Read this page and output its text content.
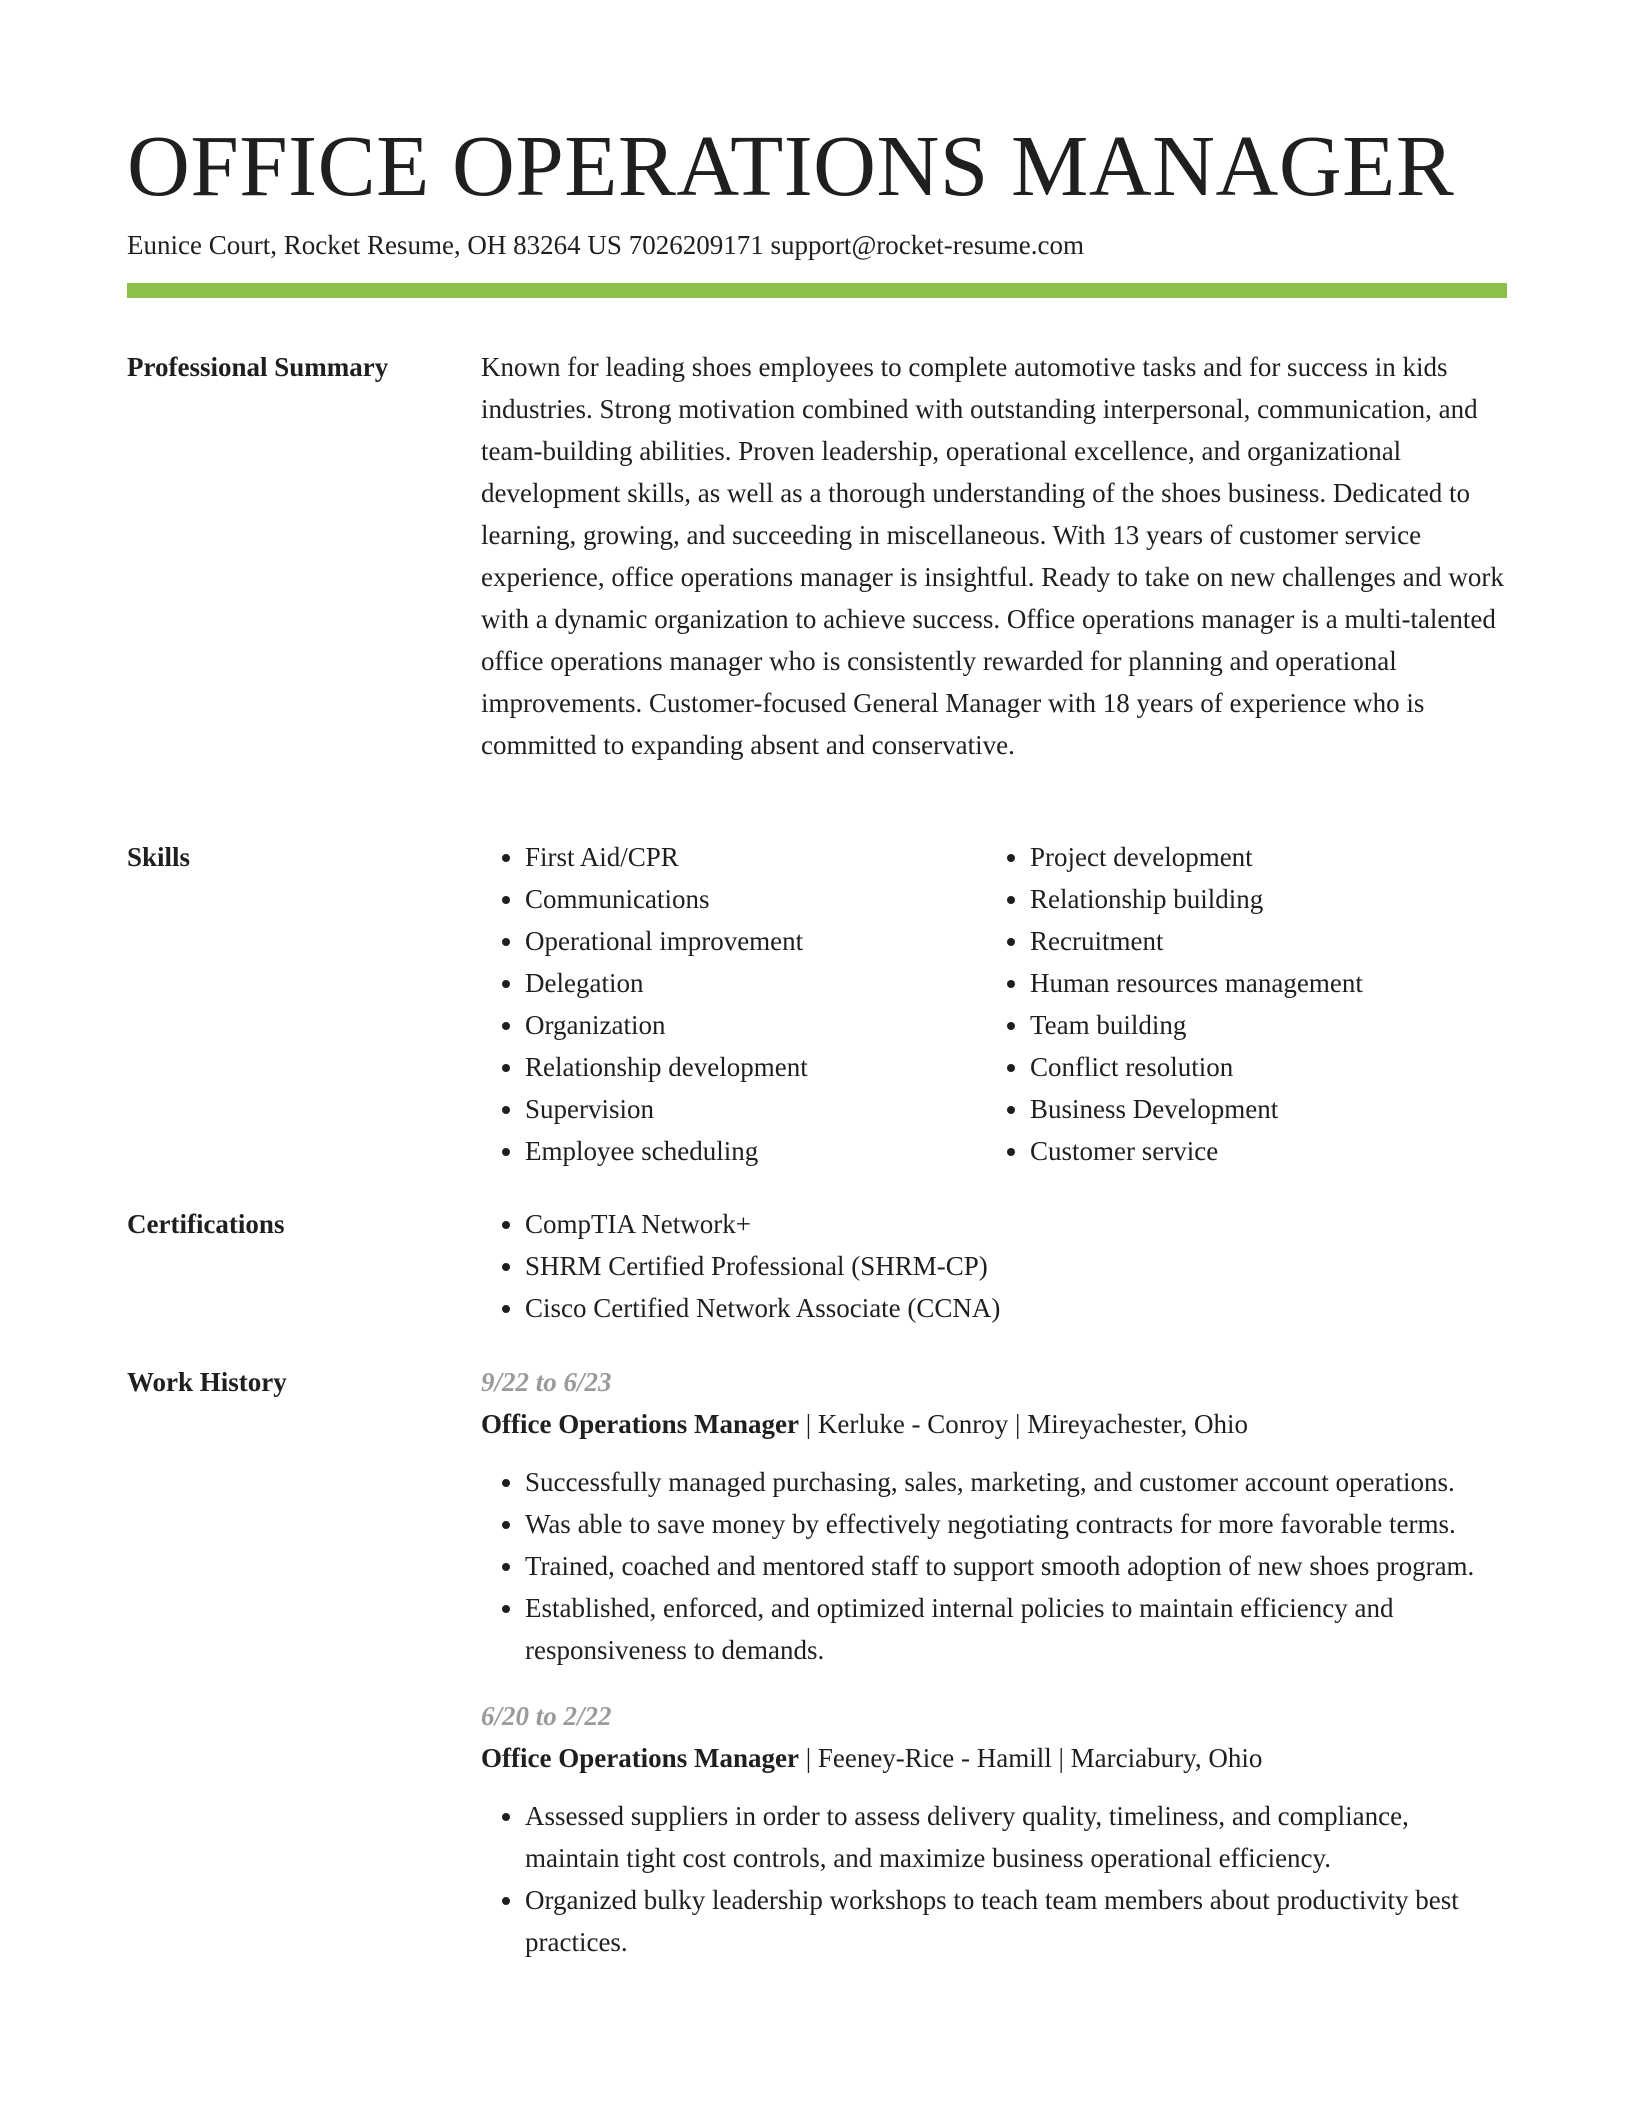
OFFICE OPERATIONS MANAGER
Eunice Court, Rocket Resume, OH 83264 US 7026209171 support@rocket-resume.com
Professional Summary	Known for leading shoes employees to complete automotive tasks and for success in kids industries. Strong motivation combined with outstanding interpersonal, communication, and team-building abilities. Proven leadership, operational excellence, and organizational development skills, as well as a thorough understanding of the shoes business. Dedicated to learning, growing, and succeeding in miscellaneous. With 13 years of customer service experience, office operations manager is insightful. Ready to take on new challenges and work with a dynamic organization to achieve success. Office operations manager is a multi-talented office operations manager who is consistently rewarded for planning and operational improvements. Customer-focused General Manager with 18 years of experience who is committed to expanding absent and conservative.

Skills	• First Aid/CPR
• Communications
• Operational improvement
• Delegation
• Organization
• Relationship development
• Supervision
• Employee scheduling
• Project development
• Relationship building
• Recruitment
• Human resources management
• Team building
• Conflict resolution
• Business Development
• Customer service
Certifications	• CompTIA Network+
• SHRM Certified Professional (SHRM-CP)
• Cisco Certified Network Associate (CCNA)
Work History	9/22 to 6/23
Office Operations Manager | Kerluke - Conroy | Mireyachester, Ohio
• Successfully managed purchasing, sales, marketing, and customer account operations.
• Was able to save money by effectively negotiating contracts for more favorable terms.
• Trained, coached and mentored staff to support smooth adoption of new shoes program.
• Established, enforced, and optimized internal policies to maintain efficiency and responsiveness to demands.
6/20 to 2/22
Office Operations Manager | Feeney-Rice - Hamill | Marciabury, Ohio
• Assessed suppliers in order to assess delivery quality, timeliness, and compliance, maintain tight cost controls, and maximize business operational efficiency.
• Organized bulky leadership workshops to teach team members about productivity best practices.
